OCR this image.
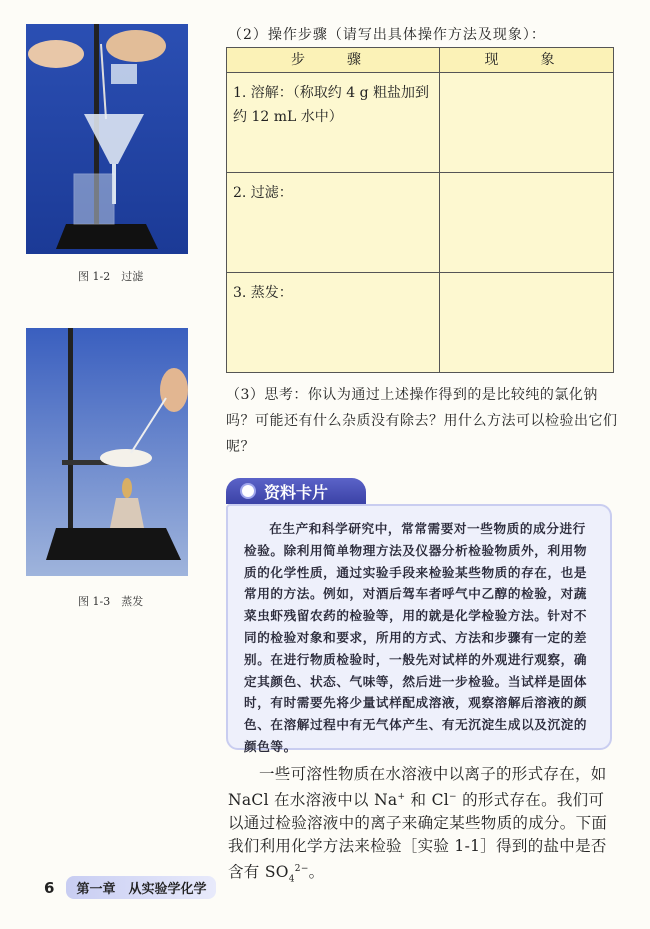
图 1-2　过滤
图 1-3　蒸发
（2）操作步骤（请写出具体操作方法及现象）：
步　骤	现　象
1. 溶解：（称取约 4 g 粗盐加到约 12 mL 水中）	
2. 过滤：	
3. 蒸发：	
（3）思考：你认为通过上述操作得到的是比较纯的氯化钠吗？可能还有什么杂质没有除去？用什么方法可以检验出它们呢？
资料卡片
在生产和科学研究中，常常需要对一些物质的成分进行检验。除利用简单物理方法及仪器分析检验物质外，利用物质的化学性质，通过实验手段来检验某些物质的存在，也是常用的方法。例如，对酒后驾车者呼气中乙醇的检验，对蔬菜虫虾残留农药的检验等，用的就是化学检验方法。针对不同的检验对象和要求，所用的方式、方法和步骤有一定的差别。在进行物质检验时，一般先对试样的外观进行观察，确定其颜色、状态、气味等，然后进一步检验。当试样是固体时，有时需要先将少量试样配成溶液，观察溶解后溶液的颜色、在溶解过程中有无气体产生、有无沉淀生成以及沉淀的颜色等。
一些可溶性物质在水溶液中以离子的形式存在，如 NaCl 在水溶液中以 Na+ 和 Cl− 的形式存在。我们可以通过检验溶液中的离子来确定某些物质的成分。下面我们利用化学方法来检验［实验 1-1］得到的盐中是否含有 $SO_4^{2-}$。
6	第一章　从实验学化学
